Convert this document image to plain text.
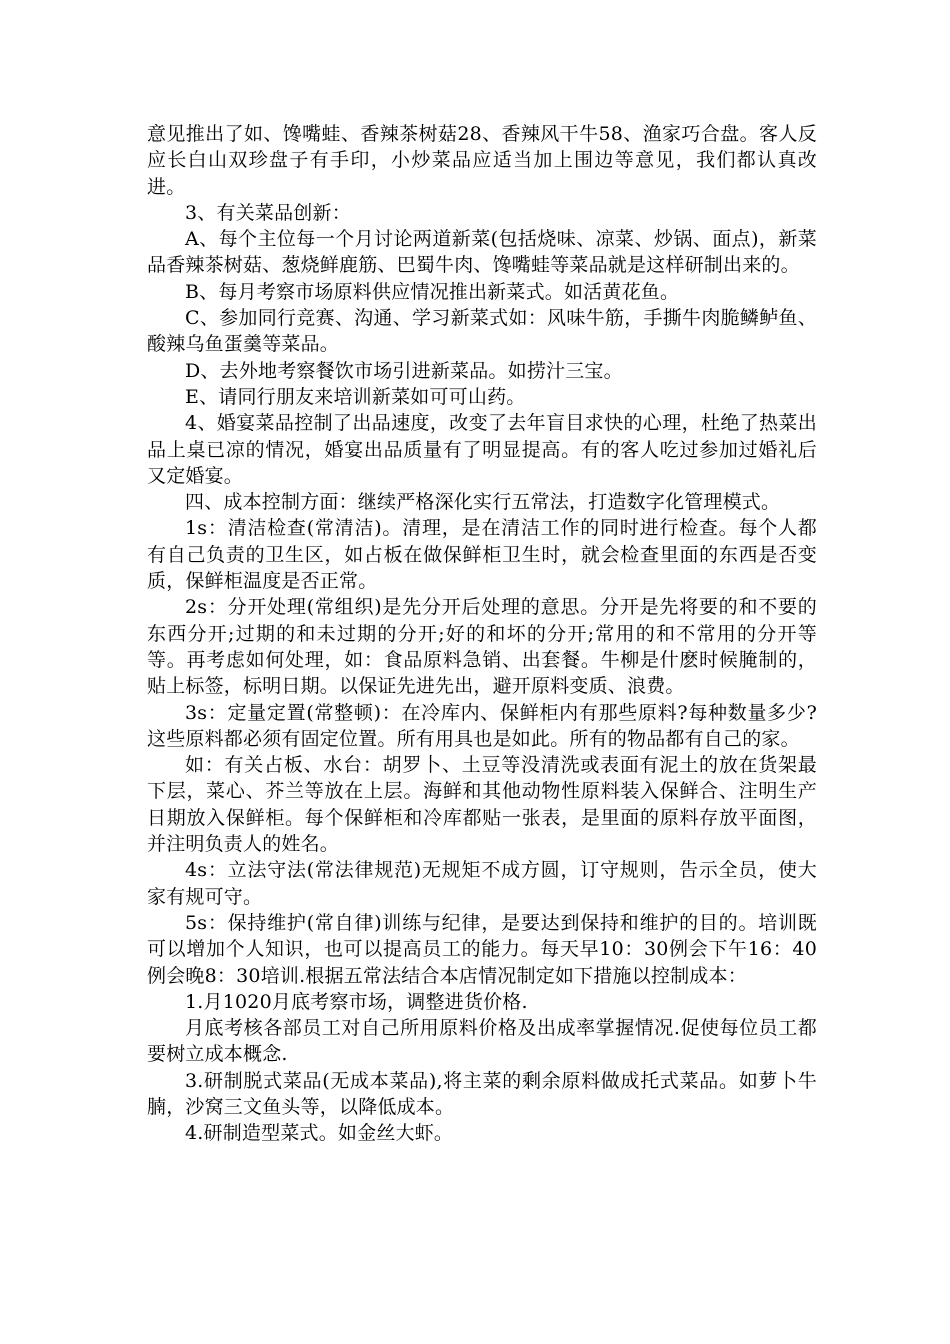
意见推出了如、馋嘴蛙、香辣茶树菇28、香辣风干牛58、渔家巧合盘。客人反应长白山双珍盘子有手印，小炒菜品应适当加上围边等意见，我们都认真改进。

3、有关菜品创新：

A、每个主位每一个月讨论两道新菜(包括烧味、凉菜、炒锅、面点)，新菜品香辣茶树菇、葱烧鲜鹿筋、巴蜀牛肉、馋嘴蛙等菜品就是这样研制出来的。

B、每月考察市场原料供应情况推出新菜式。如活黄花鱼。

C、参加同行竞赛、沟通、学习新菜式如：风味牛筋，手撕牛肉脆鳞鲈鱼、酸辣乌鱼蛋羹等菜品。

D、去外地考察餐饮市场引进新菜品。如捞汁三宝。

E、请同行朋友来培训新菜如可可山药。

4、婚宴菜品控制了出品速度，改变了去年盲目求快的心理，杜绝了热菜出品上桌已凉的情况，婚宴出品质量有了明显提高。有的客人吃过参加过婚礼后又定婚宴。

四、成本控制方面：继续严格深化实行五常法，打造数字化管理模式。

1s：清洁检查(常清洁)。清理，是在清洁工作的同时进行检查。每个人都有自己负责的卫生区，如占板在做保鲜柜卫生时，就会检查里面的东西是否变质，保鲜柜温度是否正常。

2s：分开处理(常组织)是先分开后处理的意思。分开是先将要的和不要的东西分开;过期的和未过期的分开;好的和坏的分开;常用的和不常用的分开等等。再考虑如何处理，如：食品原料急销、出套餐。牛柳是什麽时候腌制的，贴上标签，标明日期。以保证先进先出，避开原料变质、浪费。

3s：定量定置(常整顿)：在冷库内、保鲜柜内有那些原料?每种数量多少?这些原料都必须有固定位置。所有用具也是如此。所有的物品都有自己的家。

如：有关占板、水台：胡罗卜、土豆等没清洗或表面有泥土的放在货架最下层，菜心、芥兰等放在上层。海鲜和其他动物性原料装入保鲜合、注明生产日期放入保鲜柜。每个保鲜柜和冷库都贴一张表，是里面的原料存放平面图，并注明负责人的姓名。

4s：立法守法(常法律规范)无规矩不成方圆，订守规则，告示全员，使大家有规可守。

5s：保持维护(常自律)训练与纪律，是要达到保持和维护的目的。培训既可以增加个人知识，也可以提高员工的能力。每天早10：30例会下午16：40例会晚8：30培训.根据五常法结合本店情况制定如下措施以控制成本：

1.月1020月底考察市场，调整进货价格.

月底考核各部员工对自己所用原料价格及出成率掌握情况.促使每位员工都要树立成本概念.

3.研制脱式菜品(无成本菜品),将主菜的剩余原料做成托式菜品。如萝卜牛腩，沙窝三文鱼头等，以降低成本。

4.研制造型菜式。如金丝大虾。
